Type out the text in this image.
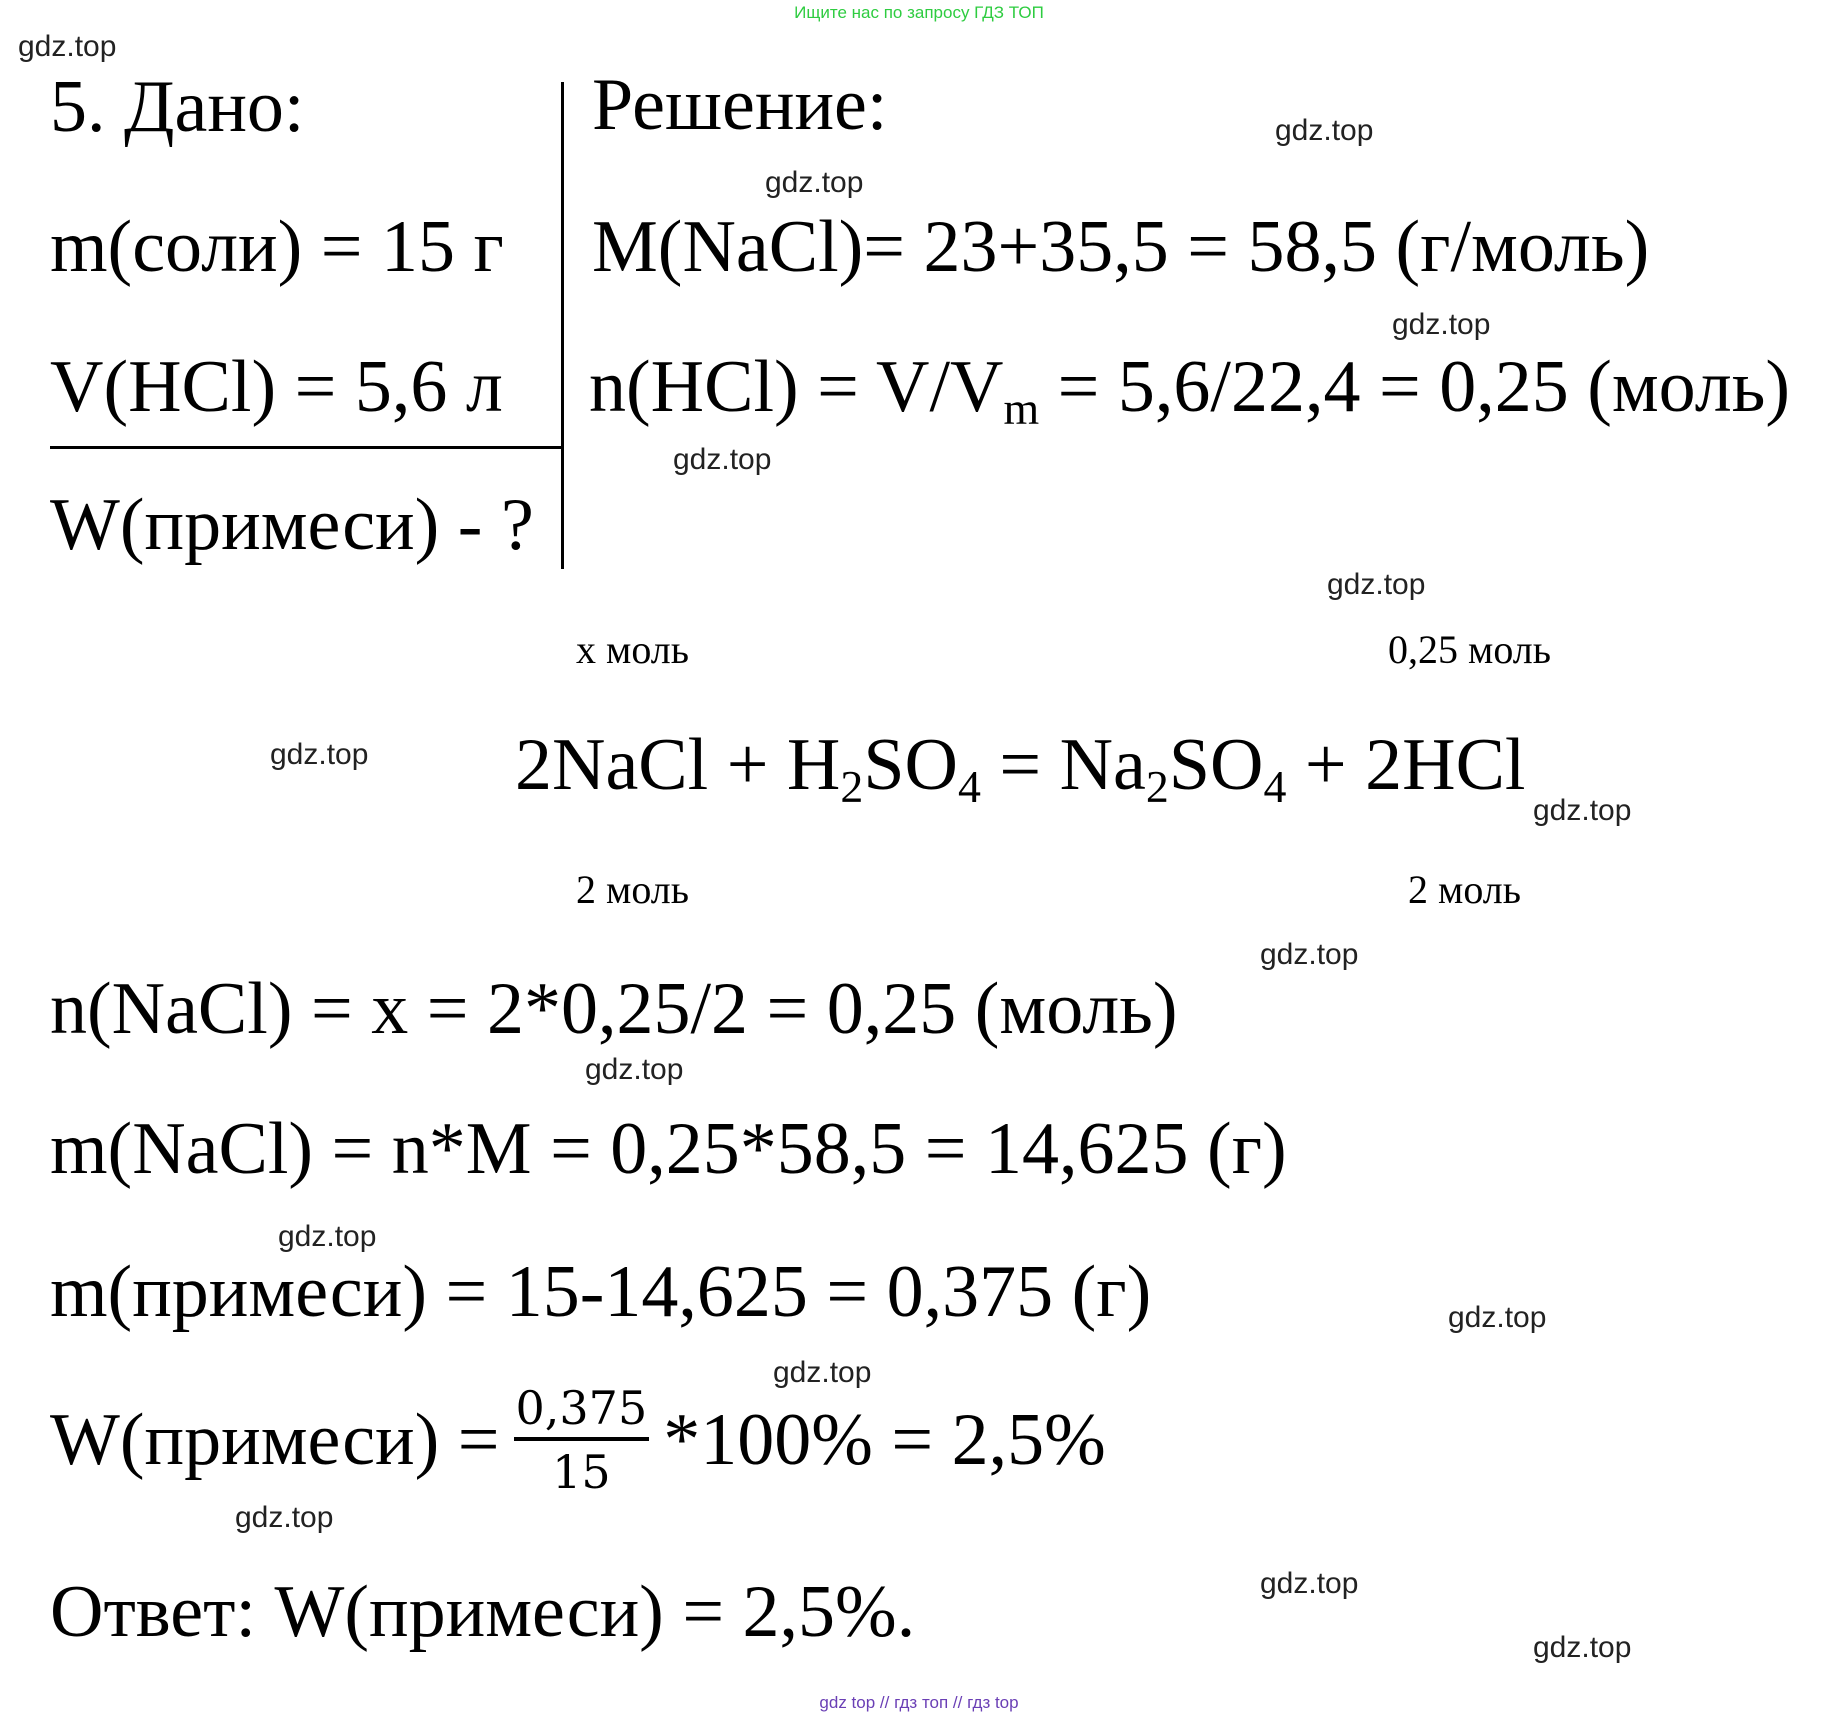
Ищите нас по запросу ГДЗ ТОП
5. Дано:
m(соли) = 15 г
V(HCl) = 5,6 л
W(примеси) - ?
Решение:
M(NaCl)= 23+35,5 = 58,5 (г/моль)
$n(HCl) = V/V_m = 5,6/22,4 = 0,25$ (моль)
x моль	0,25 моль
2NaCl + $H_2SO_4 = Na_2SO_4 + 2HCl$
2 моль	2 моль
n(NaCl) = x = 2*0,25/2 = 0,25 (моль)
m(NaCl) = n*M = 0,25*58,5 = 14,625 (г)
m(примеси) = 15-14,625 = 0,375 (г)
W(примеси) = $\frac{0,375}{15} *100\% = 2,5\%$
Ответ: W(примеси) = 2,5%.
gdz.top
gdz.top
gdz.top
gdz.top
gdz.top
gdz.top
gdz.top
gdz.top
gdz.top
gdz.top
gdz.top
gdz.top
gdz.top
gdz.top
gdz.top
gdz.top
gdz top // гдз топ // гдз top
